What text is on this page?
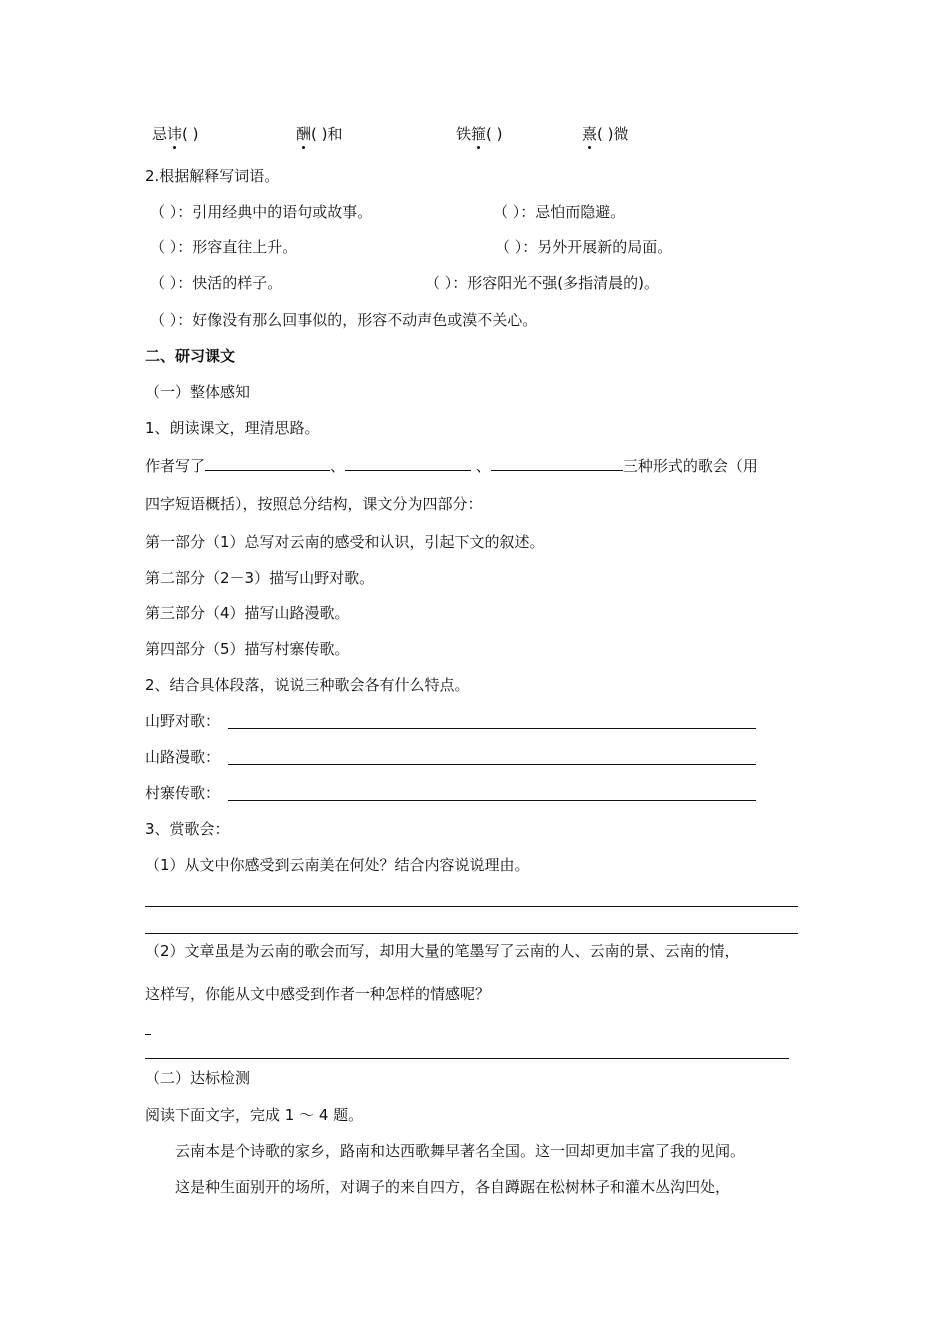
忌讳( )	酬( )和	铁箍( )	熹( )微
2.根据解释写词语。
（ ）：引用经典中的语句或故事。	（ ）：忌怕而隐避。
（ ）：形容直往上升。	（ ）：另外开展新的局面。
（ ）：快活的样子。	（ ）：形容阳光不强(多指清晨的)。
（ ）：好像没有那么回事似的，形容不动声色或漠不关心。
二、研习课文
（一）整体感知
1、朗读课文，理清思路。
作者写了	、	、	三种形式的歌会（用
四字短语概括），按照总分结构，课文分为四部分：
第一部分（1）总写对云南的感受和认识，引起下文的叙述。
第二部分（2－3）描写山野对歌。
第三部分（4）描写山路漫歌。
第四部分（5）描写村寨传歌。
2、结合具体段落，说说三种歌会各有什么特点。
山野对歌：
山路漫歌：
村寨传歌：
3、赏歌会：
（1）从文中你感受到云南美在何处？结合内容说说理由。
（2）文章虽是为云南的歌会而写，却用大量的笔墨写了云南的人、云南的景、云南的情，
这样写，你能从文中感受到作者一种怎样的情感呢？
（二）达标检测
阅读下面文字，完成 1 ～ 4 题。
云南本是个诗歌的家乡，路南和达西歌舞早著名全国。这一回却更加丰富了我的见闻。
这是种生面别开的场所，对调子的来自四方，各自蹲踞在松树林子和灌木丛沟凹处，
